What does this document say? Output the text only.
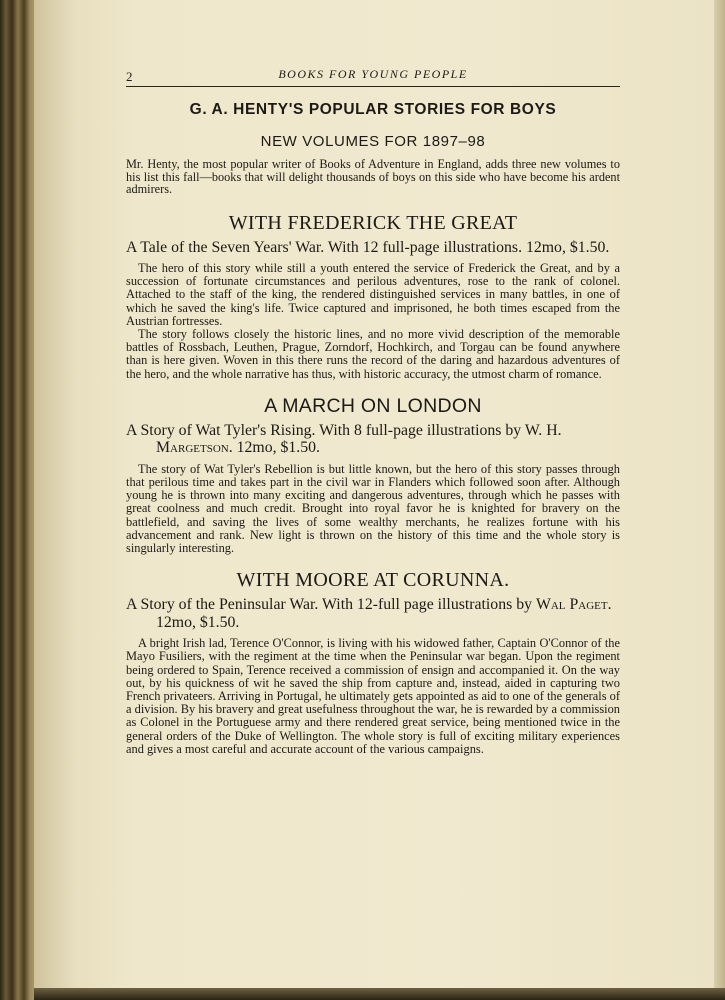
2	BOOKS FOR YOUNG PEOPLE
G. A. HENTY'S POPULAR STORIES FOR BOYS
NEW VOLUMES FOR 1897–98
Mr. Henty, the most popular writer of Books of Adventure in England, adds three new volumes to his list this fall—books that will delight thousands of boys on this side who have become his ardent admirers.
WITH FREDERICK THE GREAT
A Tale of the Seven Years' War. With 12 full-page illustrations. 12mo, $1.50.

The hero of this story while still a youth entered the service of Frederick the Great, and by a succession of fortunate circumstances and perilous adventures, rose to the rank of colonel. Attached to the staff of the king, the rendered distinguished services in many battles, in one of which he saved the king's life. Twice captured and imprisoned, he both times escaped from the Austrian fortresses.

The story follows closely the historic lines, and no more vivid description of the memorable battles of Rossbach, Leuthen, Prague, Zorndorf, Hochkirch, and Torgau can be found anywhere than is here given. Woven in this there runs the record of the daring and hazardous adventures of the hero, and the whole narrative has thus, with historic accuracy, the utmost charm of romance.

A MARCH ON LONDON
A Story of Wat Tyler's Rising. With 8 full-page illustrations by W. H. Margetson. 12mo, $1.50.

The story of Wat Tyler's Rebellion is but little known, but the hero of this story passes through that perilous time and takes part in the civil war in Flanders which followed soon after. Although young he is thrown into many exciting and dangerous adventures, through which he passes with great coolness and much credit. Brought into royal favor he is knighted for bravery on the battlefield, and saving the lives of some wealthy merchants, he realizes fortune with his advancement and rank. New light is thrown on the history of this time and the whole story is singularly interesting.

WITH MOORE AT CORUNNA.
A Story of the Peninsular War. With 12-full page illustrations by Wal Paget. 12mo, $1.50.

A bright Irish lad, Terence O'Connor, is living with his widowed father, Captain O'Connor of the Mayo Fusiliers, with the regiment at the time when the Peninsular war began. Upon the regiment being ordered to Spain, Terence received a commission of ensign and accompanied it. On the way out, by his quickness of wit he saved the ship from capture and, instead, aided in capturing two French privateers. Arriving in Portugal, he ultimately gets appointed as aid to one of the generals of a division. By his bravery and great usefulness throughout the war, he is rewarded by a commission as Colonel in the Portuguese army and there rendered great service, being mentioned twice in the general orders of the Duke of Wellington. The whole story is full of exciting military experiences and gives a most careful and accurate account of the various campaigns.
